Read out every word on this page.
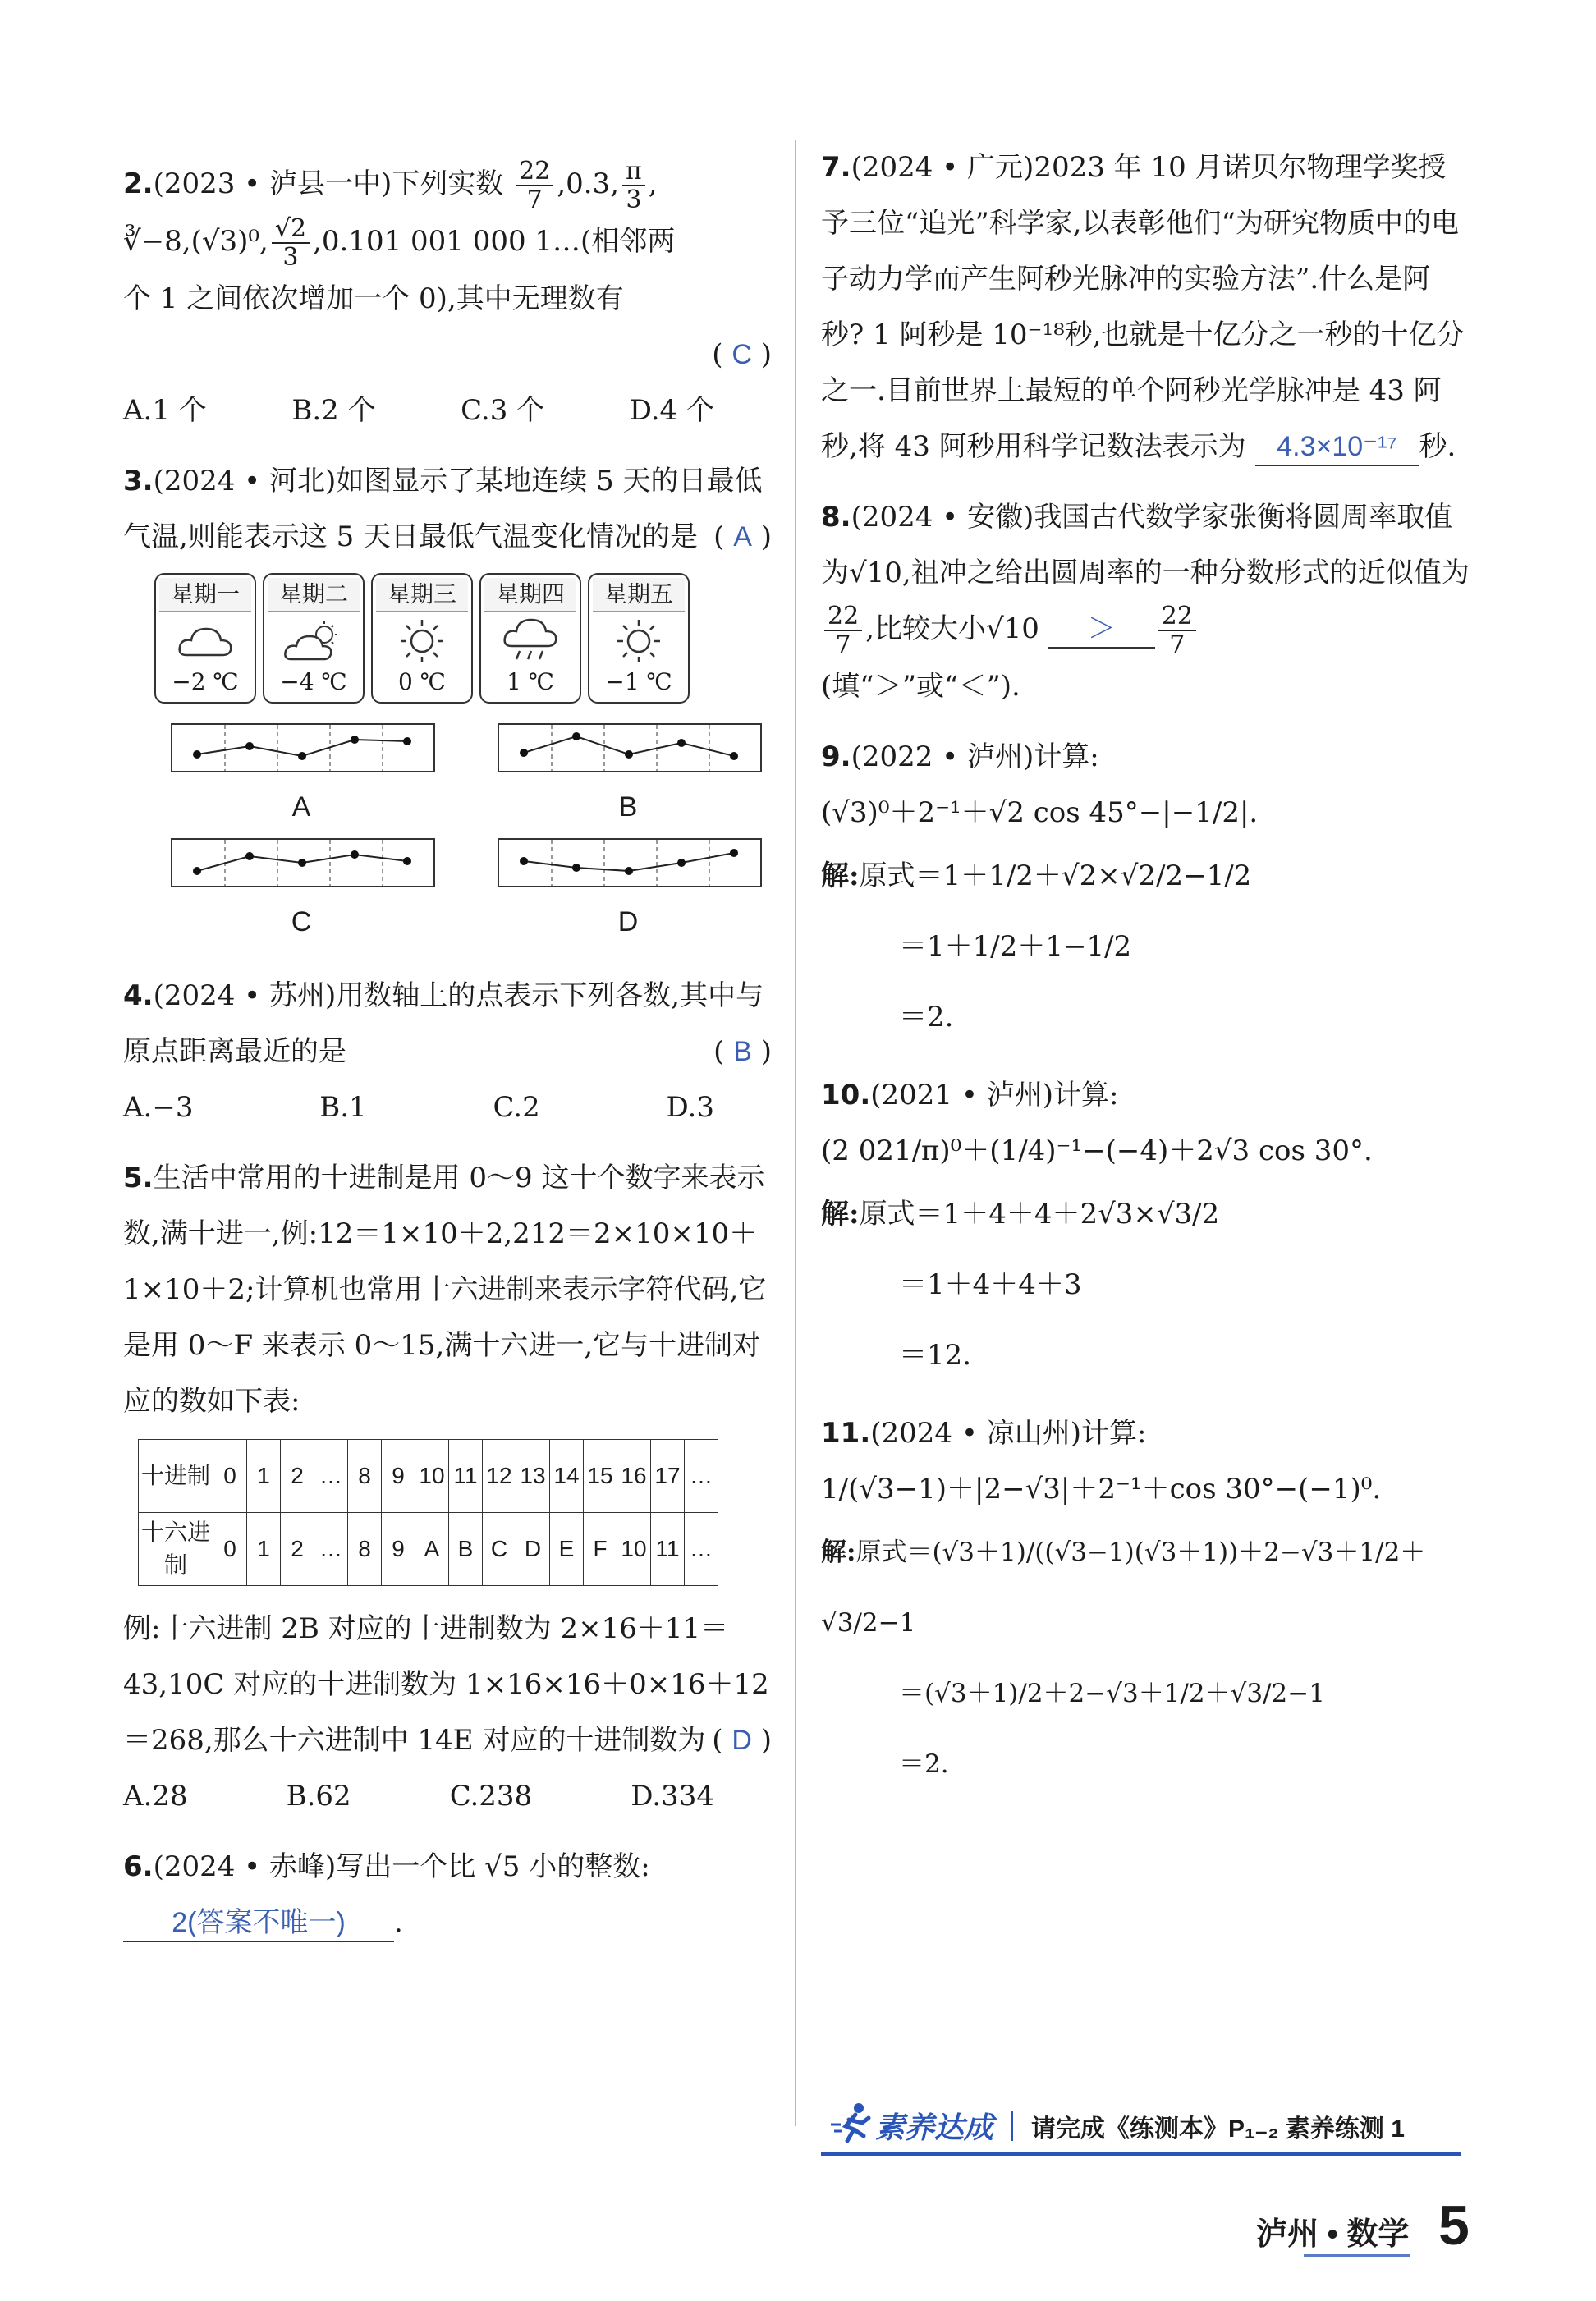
2.(2023 • 泸县一中)下列实数 $\frac{22}{7} ,0.3$, $\frac{\pi}{3}$ ,
∛−8,(√3)⁰, $\frac{√2}{3} ,0.101$ 001 000 1…(相邻两
个 1 之间依次增加一个 0),其中无理数有

( C )

A.1 个	B.2 个	C.3 个	D.4 个
3.(2024 • 河北)如图显示了某地连续 5 天的日最低气温,则能表示这 5 天日最低气温变化情况的是 ( A )
星期一
−2 ℃
星期二
−4 ℃
星期三
0 ℃
星期四
1 ℃
星期五
−1 ℃
A	B
C	D
4.(2024 • 苏州)用数轴上的点表示下列各数,其中与原点距离最近的是	( B )
A.−3	B.1	C.2	D.3
5.生活中常用的十进制是用 0～9 这十个数字来表示数,满十进一,例:12＝1×10＋2,212＝2×10×10＋1×10＋2;计算机也常用十六进制来表示字符代码,它是用 0～F 来表示 0～15,满十六进一,它与十进制对应的数如下表:
十进制	0	1	2	…	8	9	10	11	12	13	14	15	16	17	…
十六进制	0	1	2	…	8	9	A	B	C	D	E	F	10	11	…
例:十六进制 2B 对应的十进制数为 2×16＋11＝43,10C 对应的十进制数为 1×16×16＋0×16＋12＝268,那么十六进制中 14E 对应的十进制数为 ( D )
A.28	B.62	C.238	D.334
6.(2024 • 赤峰)写出一个比 √5 小的整数:
2(答案不唯一) .
7.(2024 • 广元)2023 年 10 月诺贝尔物理学奖授予三位“追光”科学家,以表彰他们“为研究物质中的电子动力学而产生阿秒光脉冲的实验方法”.什么是阿秒? 1 阿秒是 10⁻¹⁸秒,也就是十亿分之一秒的十亿分之一.目前世界上最短的单个阿秒光学脉冲是 43 阿秒,将 43 阿秒用科学记数法表示为 4.3×10⁻¹⁷ 秒.
8.(2024 • 安徽)我国古代数学家张衡将圆周率取值为√10,祖冲之给出圆周率的一种分数形式的近似值为
$\frac{22}{7}$ ,比较大小$√10 > \frac{22}{7}$

(填“＞”或“＜”).
9.(2022 • 泸州)计算:
(√3)⁰＋2⁻¹＋√2 cos 45°−|−1/2|.
解:原式＝1＋1/2＋√2×√2/2−1/2
＝1＋1/2＋1−1/2
＝2.
10.(2021 • 泸州)计算:
(2 021/π)⁰＋(1/4)⁻¹−(−4)＋2√3 cos 30°.
解:原式＝1＋4＋4＋2√3×√3/2
＝1＋4＋4＋3
＝12.
11.(2024 • 凉山州)计算:
1/(√3−1)＋|2−√3|＋2⁻¹＋cos 30°−(−1)⁰.
解:原式＝(√3＋1)/((√3−1)(√3＋1))＋2−√3＋1/2＋√3/2−1
＝(√3＋1)/2＋2−√3＋1/2＋√3/2−1
＝2.
素养达成 请完成《练测本》P₁₋₂ 素养练测 1
泸州 • 数学 5
